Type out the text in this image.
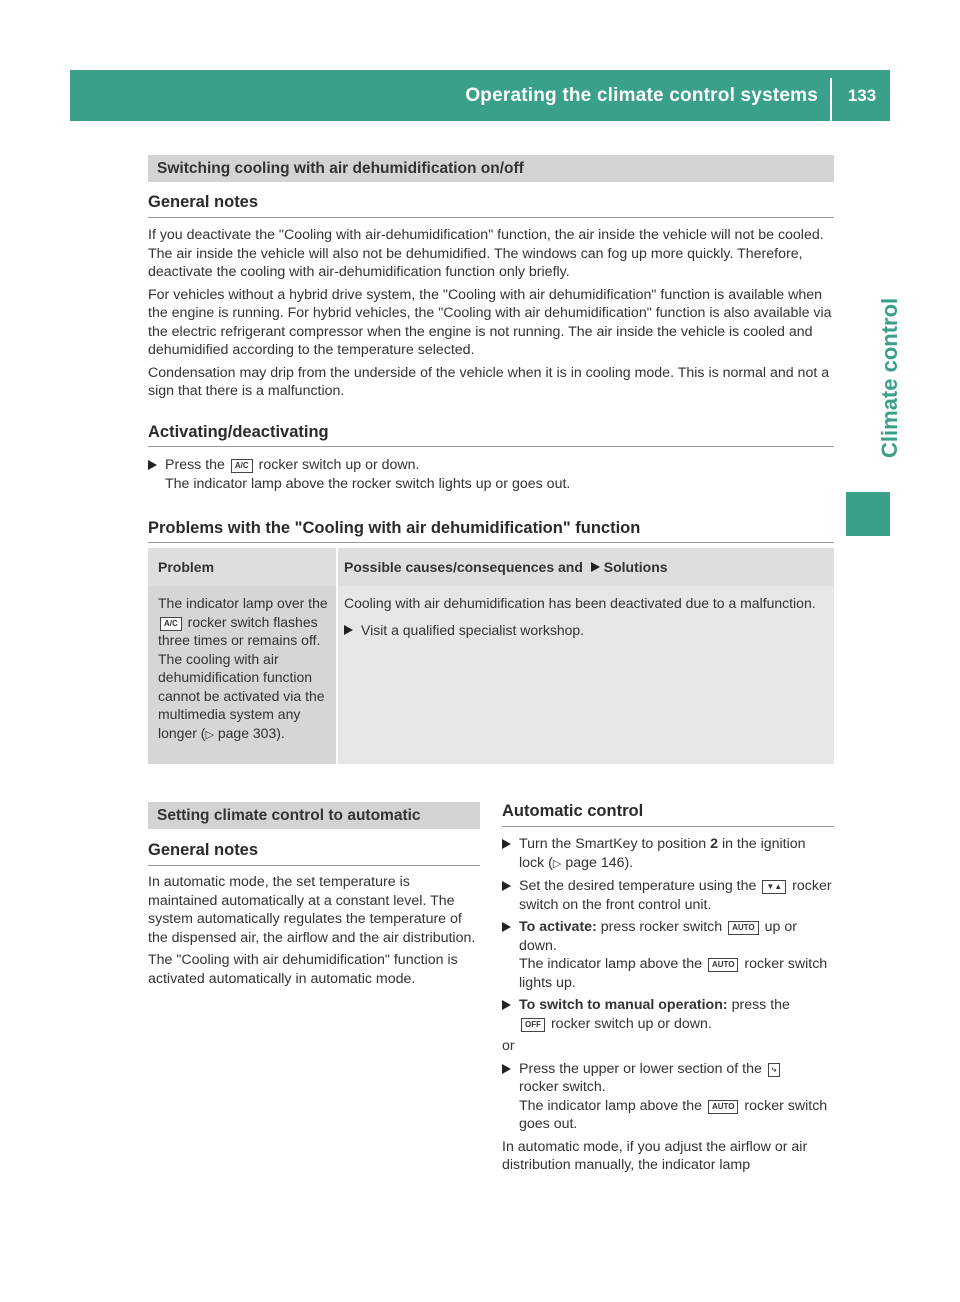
Operating the climate control systems	133
Climate control
Switching cooling with air dehumidification on/off
General notes

If you deactivate the "Cooling with air-dehumidification" function, the air inside the vehicle will not be cooled. The air inside the vehicle will also not be dehumidified. The windows can fog up more quickly. Therefore, deactivate the cooling with air-dehumidification function only briefly.

For vehicles without a hybrid drive system, the "Cooling with air dehumidification" function is available when the engine is running. For hybrid vehicles, the "Cooling with air dehumidification" function is also available via the electric refrigerant compressor when the engine is not running. The air inside the vehicle is cooled and dehumidified according to the temperature selected.

Condensation may drip from the underside of the vehicle when it is in cooling mode. This is normal and not a sign that there is a malfunction.

Activating/deactivating
Press the A/C rocker switch up or down.
The indicator lamp above the rocker switch lights up or goes out.
Problems with the "Cooling with air dehumidification" function
Problem	Possible causes/consequences and Solutions
The indicator lamp over the A/C rocker switch flashes three times or remains off. The cooling with air dehumidification function cannot be activated via the multimedia system any longer (▷ page 303).
Cooling with air dehumidification has been deactivated due to a malfunction.
Visit a qualified specialist workshop.
Setting climate control to automatic
General notes

In automatic mode, the set temperature is maintained automatically at a constant level. The system automatically regulates the temperature of the dispensed air, the airflow and the air distribution.

The "Cooling with air dehumidification" function is activated automatically in automatic mode.

Automatic control
Turn the SmartKey to position 2 in the ignition lock (▷ page 146).
Set the desired temperature using the ▼▲ rocker switch on the front control unit.
To activate: press rocker switch AUTO up or down.
The indicator lamp above the AUTO rocker switch lights up.
To switch to manual operation: press the
OFF rocker switch up or down.
or
Press the upper or lower section of the ⤷
rocker switch.
The indicator lamp above the AUTO rocker switch goes out.
In automatic mode, if you adjust the airflow or air distribution manually, the indicator lamp
